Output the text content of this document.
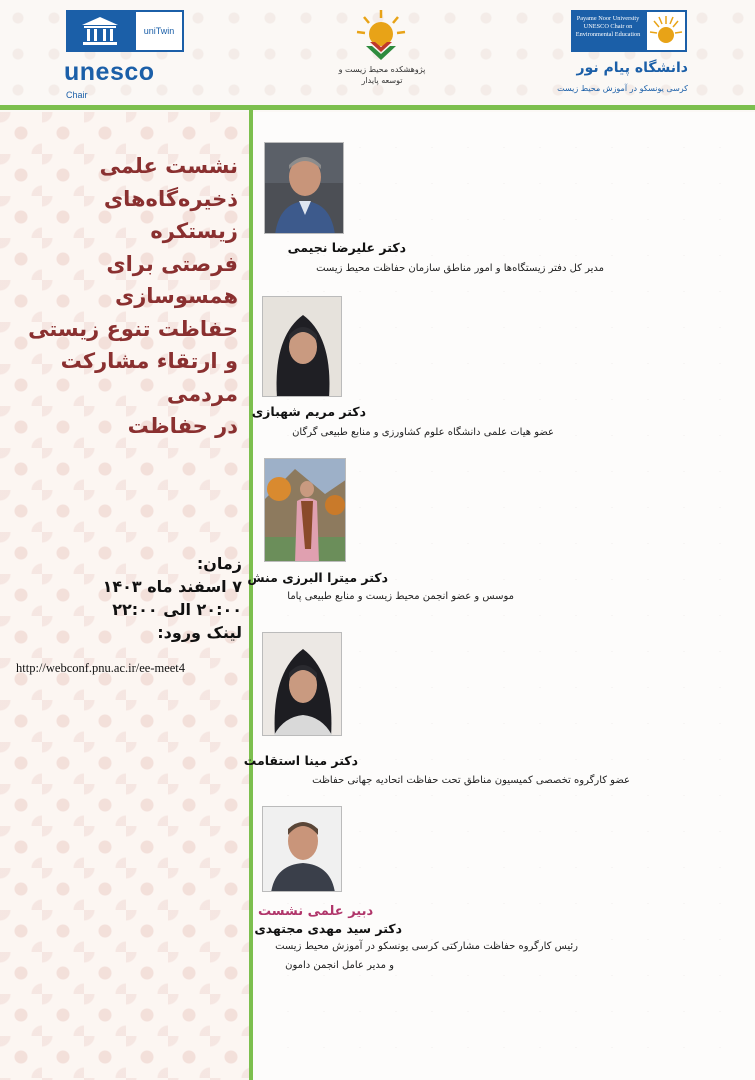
uniTwin
unesco
Chair
پژوهشکده محیط زیست و توسعه پایدار
Payame Noor University UNESCO Chair on Environmental Education
دانشگاه پیام نور
کرسی یونسکو در آموزش محیط زیست
نشست علمی
ذخیره‌گاه‌های زیستکره
فرصتی برای همسوسازی
حفاظت تنوع زیستی
و ارتقاء مشارکت مردمی
در حفاظت
زمان:
۷ اسفند ماه ۱۴۰۳
۲۰:۰۰ الی ۲۲:۰۰
لینک ورود:
http://webconf.pnu.ac.ir/ee-meet4
دکتر علیرضا نجیمی
مدیر کل دفتر زیستگاه‌ها و امور مناطق سازمان حفاظت محیط زیست
دکتر مریم شهبازی
عضو هیات علمی دانشگاه علوم کشاورزی و منابع طبیعی گرگان
دکتر میترا البرزی منش
موسس و عضو انجمن محیط زیست و منابع طبیعی پاما
دکتر مینا استقامت
عضو کارگروه تخصصی کمیسیون مناطق تحت حفاظت اتحادیه جهانی حفاظت
دبیر علمی نشست
دکتر سید مهدی مجتهدی
رئیس کارگروه حفاظت مشارکتی کرسی یونسکو در آموزش محیط زیست
و مدیر عامل انجمن دامون
